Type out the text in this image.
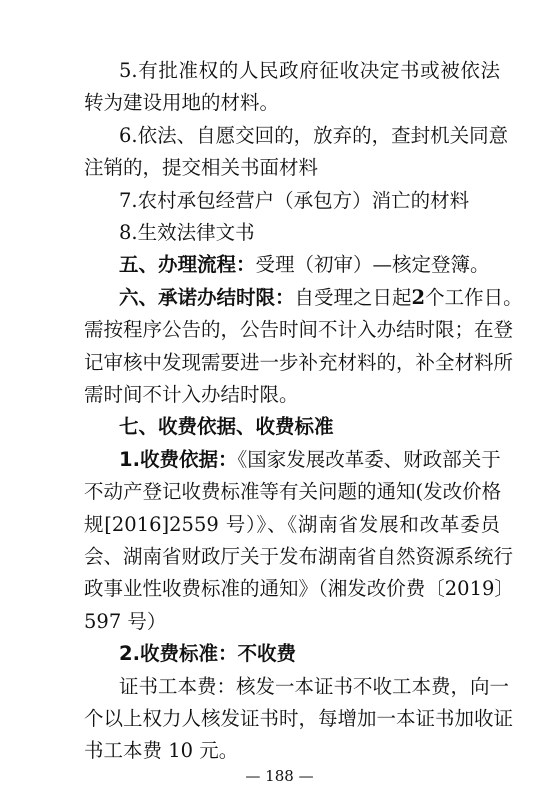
5.有批准权的人民政府征收决定书或被依法
转为建设用地的材料。
6.依法、自愿交回的，放弃的，查封机关同意
注销的，提交相关书面材料
7.农村承包经营户（承包方）消亡的材料
8.生效法律文书
五、办理流程：受理（初审）—核定登簿。
六、承诺办结时限：自受理之日起2个工作日。
需按程序公告的，公告时间不计入办结时限；在登
记审核中发现需要进一步补充材料的，补全材料所
需时间不计入办结时限。
七、收费依据、收费标准
1.收费依据：《国家发展改革委、财政部关于
不动产登记收费标准等有关问题的通知(发改价格
规[2016]2559 号）》、《湖南省发展和改革委员
会、湖南省财政厅关于发布湖南省自然资源系统行
政事业性收费标准的通知》（湘发改价费〔2019〕
597 号）
2.收费标准：不收费
证书工本费：核发一本证书不收工本费，向一
— 188 —
个以上权力人核发证书时，每增加一本证书加收证
书工本费 10 元。
